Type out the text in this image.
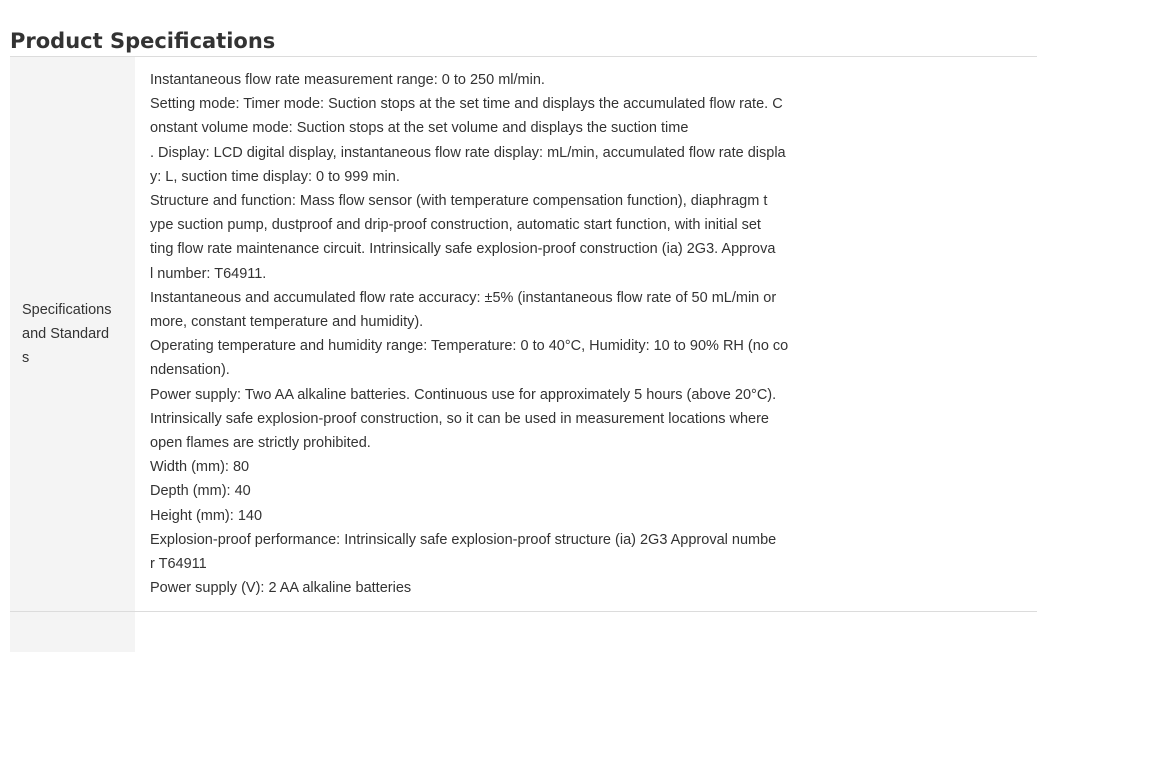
Product Specifications
Specifications and Standards
Instantaneous flow rate measurement range: 0 to 250 ml/min.
Setting mode: Timer mode: Suction stops at the set time and displays the accumulated flow rate. C
onstant volume mode: Suction stops at the set volume and displays the suction time
. Display: LCD digital display, instantaneous flow rate display: mL/min, accumulated flow rate displa
y: L, suction time display: 0 to 999 min.
Structure and function: Mass flow sensor (with temperature compensation function), diaphragm t
ype suction pump, dustproof and drip-proof construction, automatic start function, with initial set
ting flow rate maintenance circuit. Intrinsically safe explosion-proof construction (ia) 2G3. Approva
l number: T64911.
Instantaneous and accumulated flow rate accuracy: ±5% (instantaneous flow rate of 50 mL/min or
more, constant temperature and humidity).
Operating temperature and humidity range: Temperature: 0 to 40°C, Humidity: 10 to 90% RH (no co
ndensation).
Power supply: Two AA alkaline batteries. Continuous use for approximately 5 hours (above 20°C).
Intrinsically safe explosion-proof construction, so it can be used in measurement locations where
open flames are strictly prohibited.
Width (mm): 80
Depth (mm): 40
Height (mm): 140
Explosion-proof performance: Intrinsically safe explosion-proof structure (ia) 2G3 Approval numbe
r T64911
Power supply (V): 2 AA alkaline batteries
